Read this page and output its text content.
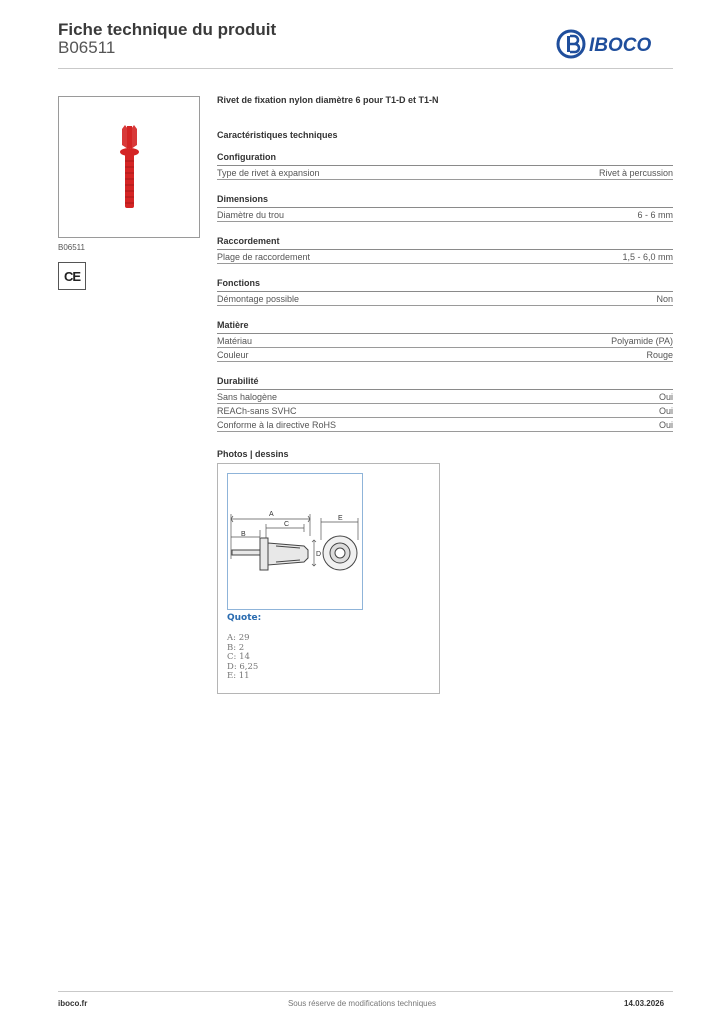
Fiche technique du produit
B06511	IBOCO
B06511
CE
Rivet de fixation nylon diamètre 6 pour T1-D et T1-N
Caractéristiques techniques
Configuration
Type de rivet à expansion	Rivet à percussion
Dimensions
Diamètre du trou	6 - 6 mm
Raccordement
Plage de raccordement	1,5 - 6,0 mm
Fonctions
Démontage possible	Non
Matière
Matériau	Polyamide (PA)
Couleur	Rouge
Durabilité
Sans halogène	Oui
REACh-sans SVHC	Oui
Conforme à la directive RoHS	Oui
Photos | dessins
A
B
C
D
E
Quote:
A: 29
B: 2
C: 14
D: 6,25
E: 11
Sous réserve de modifications techniques
iboco.fr	14.03.2026
